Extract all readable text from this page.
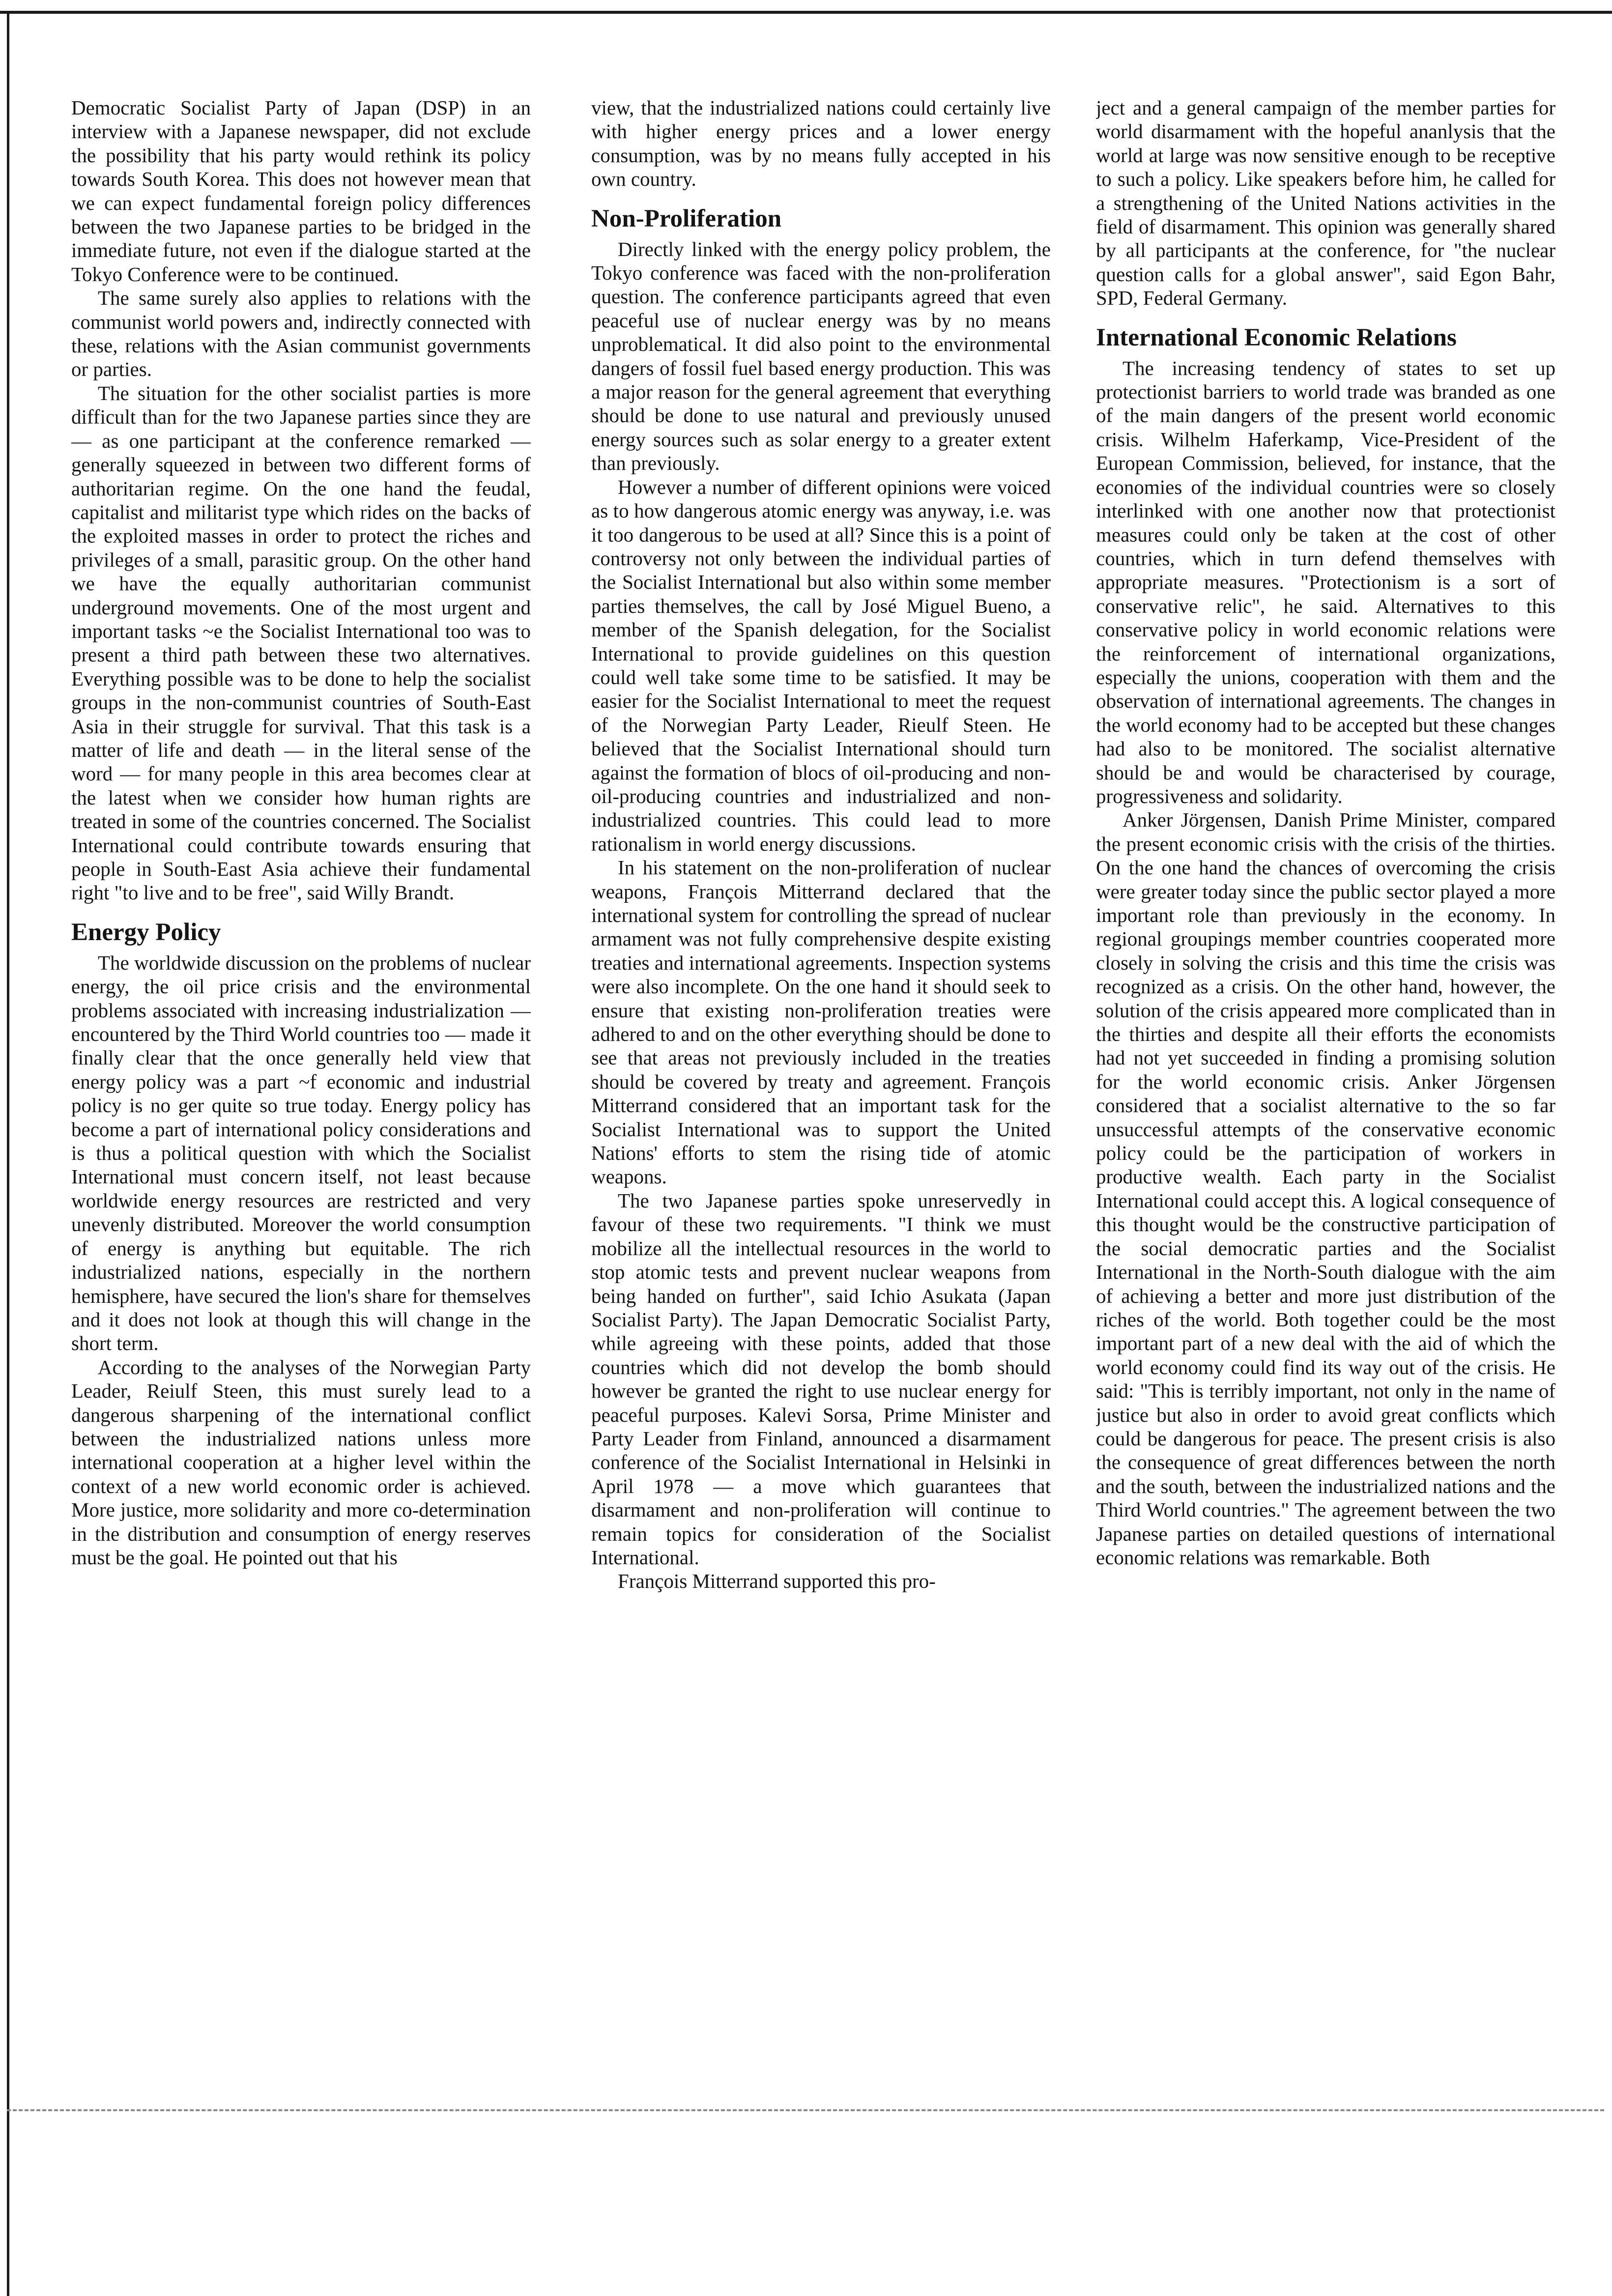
Democratic Socialist Party of Japan (DSP) in an interview with a Japanese newspaper, did not exclude the possibility that his party would rethink its policy towards South Korea. This does not however mean that we can expect fundamental foreign policy differences between the two Japanese parties to be bridged in the immediate future, not even if the dialogue started at the Tokyo Conference were to be continued.

The same surely also applies to relations with the communist world powers and, indirectly connected with these, relations with the Asian communist governments or parties.

The situation for the other socialist parties is more difficult than for the two Japanese parties since they are — as one participant at the conference remarked — generally squeezed in between two different forms of authoritarian regime. On the one hand the feudal, capitalist and militarist type which rides on the backs of the exploited masses in order to protect the riches and privileges of a small, parasitic group. On the other hand we have the equally authoritarian communist underground movements. One of the most urgent and important tasks ~e the Socialist International too was to present a third path between these two alternatives. Everything possible was to be done to help the socialist groups in the non-communist countries of South-East Asia in their struggle for survival. That this task is a matter of life and death — in the literal sense of the word — for many people in this area becomes clear at the latest when we consider how human rights are treated in some of the countries concerned. The Socialist International could contribute towards ensuring that people in South-East Asia achieve their fundamental right "to live and to be free", said Willy Brandt.

Energy Policy

The worldwide discussion on the problems of nuclear energy, the oil price crisis and the environmental problems associated with increasing industrialization — encountered by the Third World countries too — made it finally clear that the once generally held view that energy policy was a part ~f economic and industrial policy is no ger quite so true today. Energy policy has become a part of international policy considerations and is thus a political question with which the Socialist International must concern itself, not least because worldwide energy resources are restricted and very unevenly distributed. Moreover the world consumption of energy is anything but equitable. The rich industrialized nations, especially in the northern hemisphere, have secured the lion's share for themselves and it does not look at though this will change in the short term.

According to the analyses of the Norwegian Party Leader, Reiulf Steen, this must surely lead to a dangerous sharpening of the international conflict between the industrialized nations unless more international cooperation at a higher level within the context of a new world economic order is achieved. More justice, more solidarity and more co-determination in the distribution and consumption of energy reserves must be the goal. He pointed out that his

view, that the industrialized nations could certainly live with higher energy prices and a lower energy consumption, was by no means fully accepted in his own country.

Non-Proliferation

Directly linked with the energy policy problem, the Tokyo conference was faced with the non-proliferation question. The conference participants agreed that even peaceful use of nuclear energy was by no means unproblematical. It did also point to the environmental dangers of fossil fuel based energy production. This was a major reason for the general agreement that everything should be done to use natural and previously unused energy sources such as solar energy to a greater extent than previously.

However a number of different opinions were voiced as to how dangerous atomic energy was anyway, i.e. was it too dangerous to be used at all? Since this is a point of controversy not only between the individual parties of the Socialist International but also within some member parties themselves, the call by José Miguel Bueno, a member of the Spanish delegation, for the Socialist International to provide guidelines on this question could well take some time to be satisfied. It may be easier for the Socialist International to meet the request of the Norwegian Party Leader, Rieulf Steen. He believed that the Socialist International should turn against the formation of blocs of oil-producing and non-oil-producing countries and industrialized and non-industrialized countries. This could lead to more rationalism in world energy discussions.

In his statement on the non-proliferation of nuclear weapons, François Mitterrand declared that the international system for controlling the spread of nuclear armament was not fully comprehensive despite existing treaties and international agreements. Inspection systems were also incomplete. On the one hand it should seek to ensure that existing non-proliferation treaties were adhered to and on the other everything should be done to see that areas not previously included in the treaties should be covered by treaty and agreement. François Mitterrand considered that an important task for the Socialist International was to support the United Nations' efforts to stem the rising tide of atomic weapons.

The two Japanese parties spoke unreservedly in favour of these two requirements. "I think we must mobilize all the intellectual resources in the world to stop atomic tests and prevent nuclear weapons from being handed on further", said Ichio Asukata (Japan Socialist Party). The Japan Democratic Socialist Party, while agreeing with these points, added that those countries which did not develop the bomb should however be granted the right to use nuclear energy for peaceful purposes. Kalevi Sorsa, Prime Minister and Party Leader from Finland, announced a disarmament conference of the Socialist International in Helsinki in April 1978 — a move which guarantees that disarmament and non-proliferation will continue to remain topics for consideration of the Socialist International.

François Mitterrand supported this pro-

ject and a general campaign of the member parties for world disarmament with the hopeful ananlysis that the world at large was now sensitive enough to be receptive to such a policy. Like speakers before him, he called for a strengthening of the United Nations activities in the field of disarmament. This opinion was generally shared by all participants at the conference, for "the nuclear question calls for a global answer", said Egon Bahr, SPD, Federal Germany.

International Economic Relations

The increasing tendency of states to set up protectionist barriers to world trade was branded as one of the main dangers of the present world economic crisis. Wilhelm Haferkamp, Vice-President of the European Commission, believed, for instance, that the economies of the individual countries were so closely interlinked with one another now that protectionist measures could only be taken at the cost of other countries, which in turn defend themselves with appropriate measures. "Protectionism is a sort of conservative relic", he said. Alternatives to this conservative policy in world economic relations were the reinforcement of international organizations, especially the unions, cooperation with them and the observation of international agreements. The changes in the world economy had to be accepted but these changes had also to be monitored. The socialist alternative should be and would be characterised by courage, progressiveness and solidarity.

Anker Jörgensen, Danish Prime Minister, compared the present economic crisis with the crisis of the thirties. On the one hand the chances of overcoming the crisis were greater today since the public sector played a more important role than previously in the economy. In regional groupings member countries cooperated more closely in solving the crisis and this time the crisis was recognized as a crisis. On the other hand, however, the solution of the crisis appeared more complicated than in the thirties and despite all their efforts the economists had not yet succeeded in finding a promising solution for the world economic crisis. Anker Jörgensen considered that a socialist alternative to the so far unsuccessful attempts of the conservative economic policy could be the participation of workers in productive wealth. Each party in the Socialist International could accept this. A logical consequence of this thought would be the constructive participation of the social democratic parties and the Socialist International in the North-South dialogue with the aim of achieving a better and more just distribution of the riches of the world. Both together could be the most important part of a new deal with the aid of which the world economy could find its way out of the crisis. He said: "This is terribly important, not only in the name of justice but also in order to avoid great conflicts which could be dangerous for peace. The present crisis is also the consequence of great differences between the north and the south, between the industrialized nations and the Third World countries." The agreement between the two Japanese parties on detailed questions of international economic relations was remarkable. Both
